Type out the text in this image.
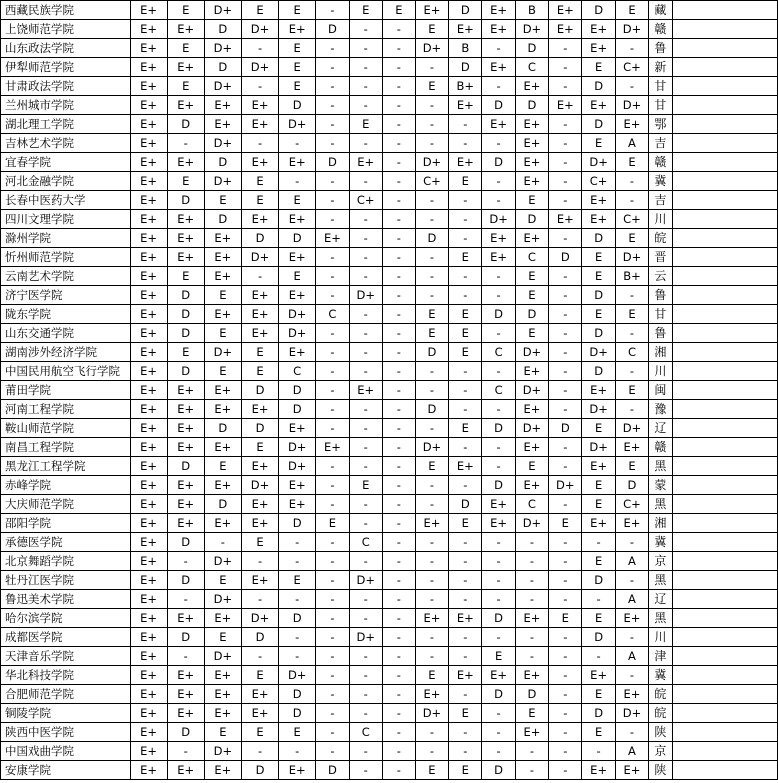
西藏民族学院	E+	E	D+	E	E	-	E	E	E+	D	E+	B	E+	D	E	藏	
上饶师范学院	E+	E+	D	D+	E+	D	-	-	E	E+	E+	D+	E+	E+	D+	赣	
山东政法学院	E+	E	D+	-	E	-	-	-	D+	B	-	D	-	E+	-	鲁	
伊犁师范学院	E+	E+	D	D+	E	-	-	-	-	D	E+	C	-	E	C+	新	
甘肃政法学院	E+	E	D+	-	E	-	-	-	E	B+	-	E+	-	D	-	甘	
兰州城市学院	E+	E+	E+	E+	D	-	-	-	-	E+	D	D	E+	E+	D+	甘	
湖北理工学院	E+	D	E+	E+	D+	-	E	-	-	-	E+	E+	-	D	E+	鄂	
吉林艺术学院	E+	-	D+	-	-	-	-	-	-	-	-	E+	-	E	A	吉	
宜春学院	E+	E+	D	E+	E+	D	E+	-	D+	E+	D	E+	-	D+	E	赣	
河北金融学院	E+	E	D+	E	-	-	-	-	C+	E	-	E+	-	C+	-	冀	
长春中医药大学	E+	D	E	E	E	-	C+	-	-	-	-	E	-	E+	-	吉	
四川文理学院	E+	E+	D	E+	E+	-	-	-	-	-	D+	D	E+	E+	C+	川	
滁州学院	E+	E+	E+	D	D	E+	-	-	D	-	E+	E+	-	D	E	皖	
忻州师范学院	E+	E+	E+	D+	E+	-	-	-	-	E	E+	C	D	E	D+	晋	
云南艺术学院	E+	E	E+	-	E	-	-	-	-	-	-	E	-	E	B+	云	
济宁医学院	E+	D	E	E+	E+	-	D+	-	-	-	-	E	-	D	-	鲁	
陇东学院	E+	D	E+	E+	D+	C	-	-	E	E	D	D	-	E	E	甘	
山东交通学院	E+	D	E	E+	D+	-	-	-	E	E	-	E	-	D	-	鲁	
湖南涉外经济学院	E+	E	D+	E	E+	-	-	-	D	E	C	D+	-	D+	C	湘	
中国民用航空飞行学院	E+	D	E	E	C	-	-	-	-	-	-	E+	-	D	-	川	
莆田学院	E+	E+	E+	D	D	-	E+	-	-	-	C	D+	-	E+	E	闽	
河南工程学院	E+	E+	E+	E+	D	-	-	-	D	-	-	E+	-	D+	-	豫	
鞍山师范学院	E+	E+	D	D	E+	-	-	-	-	E	D	D+	D	E	D+	辽	
南昌工程学院	E+	E+	E+	E	D+	E+	-	-	D+	-	-	E+	-	D+	E+	赣	
黑龙江工程学院	E+	D	E	E+	D+	-	-	-	E	E+	-	E	-	E+	E	黑	
赤峰学院	E+	E+	E+	D+	E+	-	E	-	-	-	D	E+	D+	E	D	蒙	
大庆师范学院	E+	E+	D	E+	E+	-	-	-	-	D	E+	C	-	E	C+	黑	
邵阳学院	E+	E+	E+	E+	D	E	-	-	E+	E	E+	D+	E	E+	E+	湘	
承德医学院	E+	D	-	E	-	-	C	-	-	-	-	-	-	-	-	冀	
北京舞蹈学院	E+	-	D+	-	-	-	-	-	-	-	-	-	-	E	A	京	
牡丹江医学院	E+	D	E	E+	E	-	D+	-	-	-	-	-	-	D	-	黑	
鲁迅美术学院	E+	-	D+	-	-	-	-	-	-	-	-	-	-	-	A	辽	
哈尔滨学院	E+	E+	E+	D+	D	-	-	-	E+	E+	D	E+	E	E	E+	黑	
成都医学院	E+	D	E	D	-	-	D+	-	-	-	-	-	-	D	-	川	
天津音乐学院	E+	-	D+	-	-	-	-	-	-	-	E	-	-	-	A	津	
华北科技学院	E+	E+	E+	E	D+	-	-	-	E	E+	E+	E+	-	E+	-	冀	
合肥师范学院	E+	E+	E+	E+	D	-	-	-	E+	-	D	D	-	E	E+	皖	
铜陵学院	E+	E+	E+	E+	D	-	-	-	D+	E	-	E	-	D	D+	皖	
陕西中医学院	E+	D	E	E	E	-	C	-	-	-	-	E+	-	E	-	陕	
中国戏曲学院	E+	-	D+	-	-	-	-	-	-	-	-	-	-	-	A	京	
安康学院	E+	E+	E+	D	E+	D	-	-	E	E	D	-	-	E+	E+	陕	
